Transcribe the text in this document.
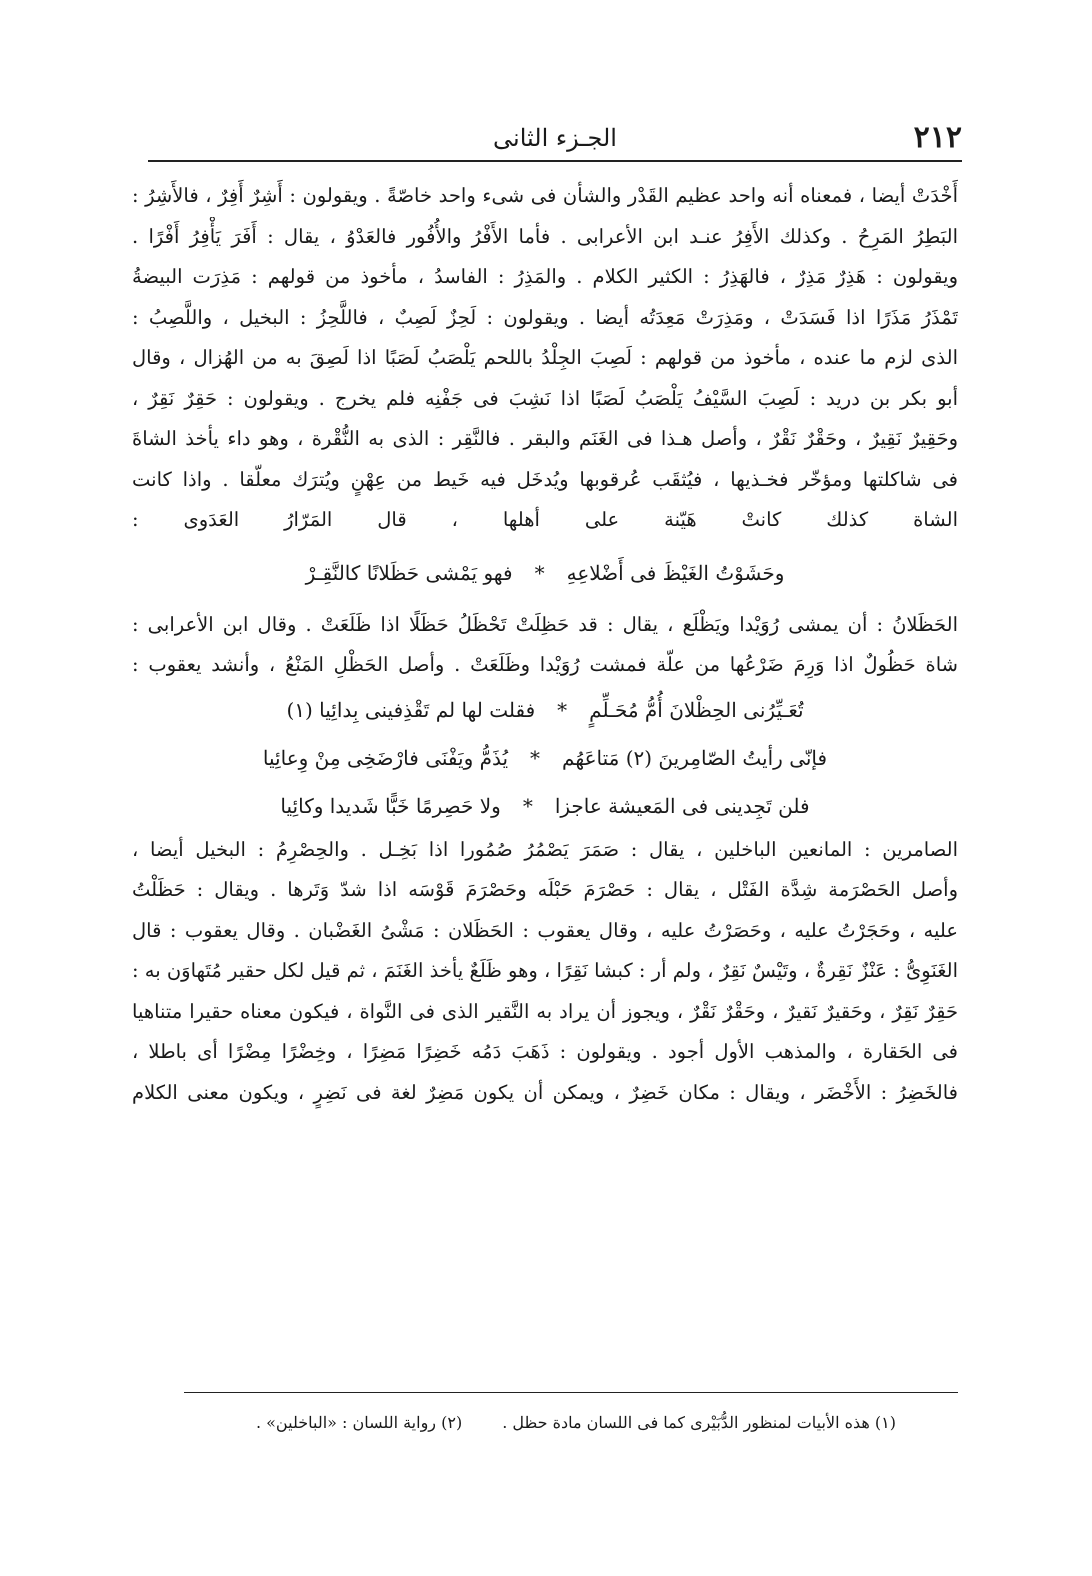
٢١٢
الجـزء الثانى
أَخْدَتْ أيضا ، فمعناه أنه واحد عظيم القَدْر والشأن فى شىء واحد خاصّةً . ويقولون : أَشِرٌ أَفِرٌ ، فالأَشِرُ :
البَطِرُ المَرِحُ . وكذلك الأَفِرُ عنـد ابن الأعرابى . فأما الأَفْرُ والأُفُور فالعَدْوُ ، يقال : أَفَرَ يَأْفِرُ أَفْرًا .
ويقولون : هَذِرٌ مَذِرٌ ، فالهَذِرُ : الكثير الكلام . والمَذِرُ : الفاسدُ ، مأخوذ من قولهم : مَذِرَت البيضةُ
تَمْذَرُ مَذَرًا اذا فَسَدَتْ ، ومَذِرَتْ مَعِدَتُه أيضا . ويقولون : لَحِزٌ لَصِبٌ ، فاللَّحِزُ : البخيل ، واللَّصِبُ :
الذى لزم ما عنده ، مأخوذ من قولهم : لَصِبَ الجِلْدُ باللحم يَلْصَبُ لَصَبًا اذا لَصِقَ به من الهُزال ، وقال
أبو بكر بن دريد : لَصِبَ السَّيْفُ يَلْصَبُ لَصَبًا اذا نَشِبَ فى جَفْنِه فلم يخرج . ويقولون : حَقِرٌ نَقِرٌ ،
وحَقِيرٌ نَقِيرٌ ، وحَقْرٌ نَقْرٌ ، وأصل هـذا فى الغَنَم والبقر . فالنَّقِر : الذى به النُّقْرة ، وهو داء يأخذ الشاةَ
فى شاكلتها ومؤخّر فخـذيها ، فيُثقَب عُرقوبها ويُدخَل فيه خَيط من عِهْنٍ ويُترَك معلّقا . واذا كانت
الشاة كذلك كانتْ هَيّنة على أهلها ، قال المَرّارُ العَدَوى :
وحَشَوْتُ الغَيْظَ فى أَضْلاعِهِ
*
فهو يَمْشى حَظَلانًا كالنَّقِـرْ
الحَظَلانُ : أن يمشى رُوَيْدا ويَظْلَع ، يقال : قد حَظِلَتْ تَحْظَلُ حَظَلًا اذا ظَلَعَتْ . وقال ابن الأعرابى :
شاة حَظُولٌ اذا وَرِمَ ضَرْعُها من علّة فمشت رُوَيْدا وظَلَعَتْ . وأصل الحَظْلِ المَنْعُ ، وأنشد يعقوب :
تُعَـيِّرُنى الحِظْلانَ أُمُّ مُحَـلِّمٍ
*
فقلت لها لم تَقْذِفينى بِدائِيا (١)
فإنّى رأيتُ الصّامِرينَ (٢) مَتاعَهُم
*
يُذَمُّ ويَفْنَى فارْضَخِى مِنْ وِعائِيا
فلن تَجِدينى فى المَعيشة عاجزا
*
ولا حَصِرمًا خَبًّا شَديدا وكائِيا
الصامرين : المانعين الباخلين ، يقال : صَمَرَ يَصْمُرُ صُمُورا اذا بَخِـل . والحِصْرِمُ : البخيل أيضا ،
وأصل الحَصْرَمة شِدَّة الفَتْل ، يقال : حَصْرَمَ حَبْلَه وحَصْرَمَ قَوْسَه اذا شدّ وَتَرها . ويقال : حَظَلْتُ
عليه ، وحَجَرْتُ عليه ، وحَصَرْتُ عليه ، وقال يعقوب : الحَظَلان : مَشْىُ الغَضْبان . وقال يعقوب : قال
الغَنَوِىُّ : عَنْزٌ نَقِرةٌ ، وتَيْسٌ نَقِرٌ ، ولم أر : كبشا نَقِرًا ، وهو ظَلَعٌ يأخذ الغَنَمَ ، ثم قيل لكل حقير مُتَهاوَن به :
حَقِرٌ نَقِرٌ ، وحَقيرٌ نَقيرٌ ، وحَقْرٌ نَقْرٌ ، ويجوز أن يراد به النَّقير الذى فى النَّواة ، فيكون معناه حقيرا متناهيا
فى الحَقارة ، والمذهب الأول أجود . ويقولون : ذَهَبَ دَمُه خَضِرًا مَضِرًا ، وخِضْرًا مِضْرًا أى باطلا ،
فالخَضِرُ : الأَخْضَر ، ويقال : مكان خَضِرٌ ، ويمكن أن يكون مَضِرٌ لغة فى نَضِرٍ ، ويكون معنى الكلام
(١) هذه الأبيات لمنظور الدُّبَيْرى كما فى اللسان مادة حظل .
(٢) رواية اللسان : «الباخلين» .
